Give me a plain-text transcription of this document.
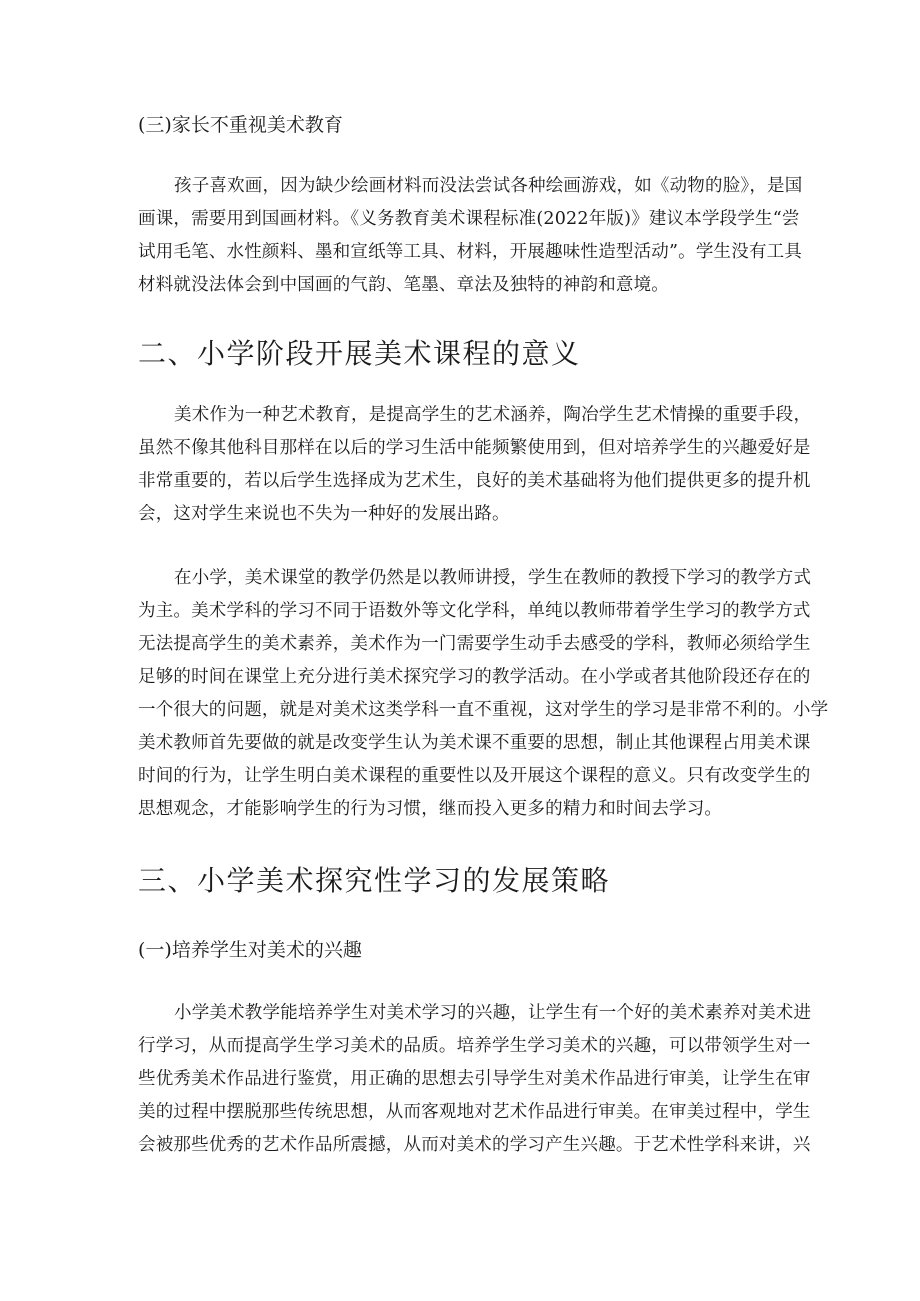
(三)家长不重视美术教育
孩子喜欢画，因为缺少绘画材料而没法尝试各种绘画游戏，如《动物的脸》，是国
画课，需要用到国画材料。《义务教育美术课程标准(2022年版)》建议本学段学生“尝
试用毛笔、水性颜料、墨和宣纸等工具、材料，开展趣味性造型活动”。学生没有工具
材料就没法体会到中国画的气韵、笔墨、章法及独特的神韵和意境。
二、小学阶段开展美术课程的意义
美术作为一种艺术教育，是提高学生的艺术涵养，陶冶学生艺术情操的重要手段，
虽然不像其他科目那样在以后的学习生活中能频繁使用到，但对培养学生的兴趣爱好是
非常重要的，若以后学生选择成为艺术生，良好的美术基础将为他们提供更多的提升机
会，这对学生来说也不失为一种好的发展出路。
在小学，美术课堂的教学仍然是以教师讲授，学生在教师的教授下学习的教学方式
为主。美术学科的学习不同于语数外等文化学科，单纯以教师带着学生学习的教学方式
无法提高学生的美术素养，美术作为一门需要学生动手去感受的学科，教师必须给学生
足够的时间在课堂上充分进行美术探究学习的教学活动。在小学或者其他阶段还存在的
一个很大的问题，就是对美术这类学科一直不重视，这对学生的学习是非常不利的。小学
美术教师首先要做的就是改变学生认为美术课不重要的思想，制止其他课程占用美术课
时间的行为，让学生明白美术课程的重要性以及开展这个课程的意义。只有改变学生的
思想观念，才能影响学生的行为习惯，继而投入更多的精力和时间去学习。
三、小学美术探究性学习的发展策略
(一)培养学生对美术的兴趣
小学美术教学能培养学生对美术学习的兴趣，让学生有一个好的美术素养对美术进
行学习，从而提高学生学习美术的品质。培养学生学习美术的兴趣，可以带领学生对一
些优秀美术作品进行鉴赏，用正确的思想去引导学生对美术作品进行审美，让学生在审
美的过程中摆脱那些传统思想，从而客观地对艺术作品进行审美。在审美过程中，学生
会被那些优秀的艺术作品所震撼，从而对美术的学习产生兴趣。于艺术性学科来讲，兴
